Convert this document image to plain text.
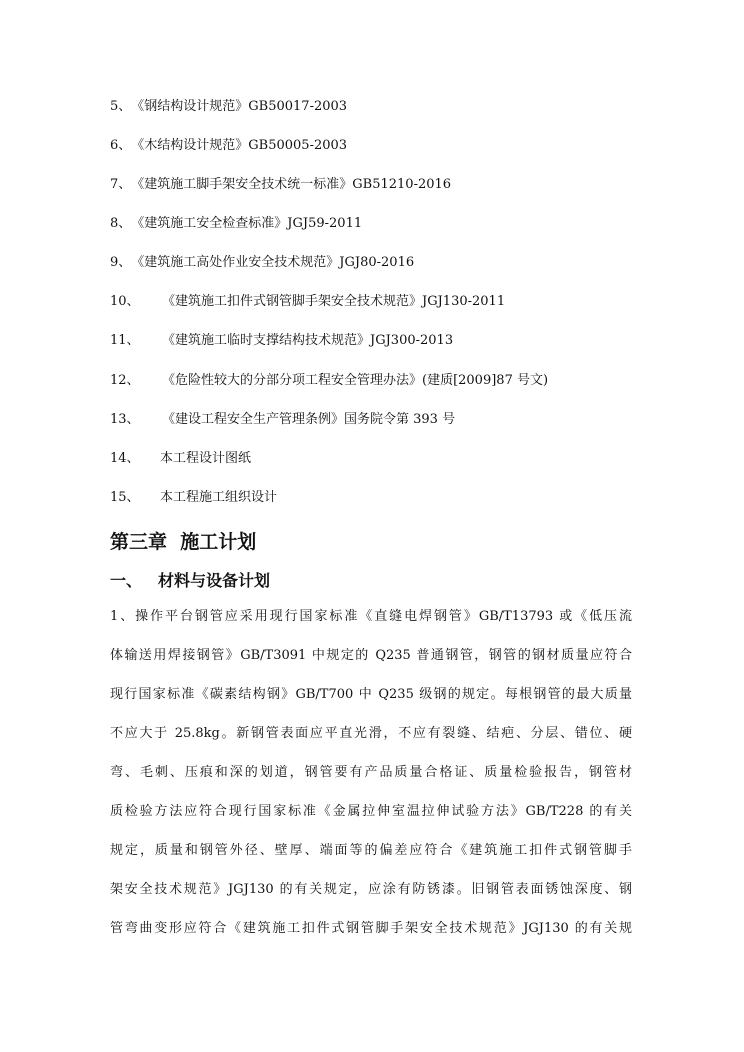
5、《钢结构设计规范》GB50017-2003
6、《木结构设计规范》GB50005-2003
7、《建筑施工脚手架安全技术统一标准》GB51210-2016
8、《建筑施工安全检查标准》JGJ59-2011
9、《建筑施工高处作业安全技术规范》JGJ80-2016
10、 《建筑施工扣件式钢管脚手架安全技术规范》JGJ130-2011
11、 《建筑施工临时支撑结构技术规范》JGJ300-2013
12、 《危险性较大的分部分项工程安全管理办法》(建质[2009]87 号文)
13、 《建设工程安全生产管理条例》国务院令第 393 号
14、 本工程设计图纸
15、 本工程施工组织设计
第三章  施工计划
一、 材料与设备计划
1、操作平台钢管应采用现行国家标准《直缝电焊钢管》GB/T13793 或《低压流
体输送用焊接钢管》GB/T3091 中规定的 Q235 普通钢管，钢管的钢材质量应符合
现行国家标准《碳素结构钢》GB/T700 中 Q235 级钢的规定。每根钢管的最大质量
不应大于 25.8kg。新钢管表面应平直光滑，不应有裂缝、结疤、分层、错位、硬
弯、毛刺、压痕和深的划道，钢管要有产品质量合格证、质量检验报告，钢管材
质检验方法应符合现行国家标准《金属拉伸室温拉伸试验方法》GB/T228 的有关
规定，质量和钢管外径、壁厚、端面等的偏差应符合《建筑施工扣件式钢管脚手
架安全技术规范》JGJ130 的有关规定，应涂有防锈漆。旧钢管表面锈蚀深度、钢
管弯曲变形应符合《建筑施工扣件式钢管脚手架安全技术规范》JGJ130 的有关规
